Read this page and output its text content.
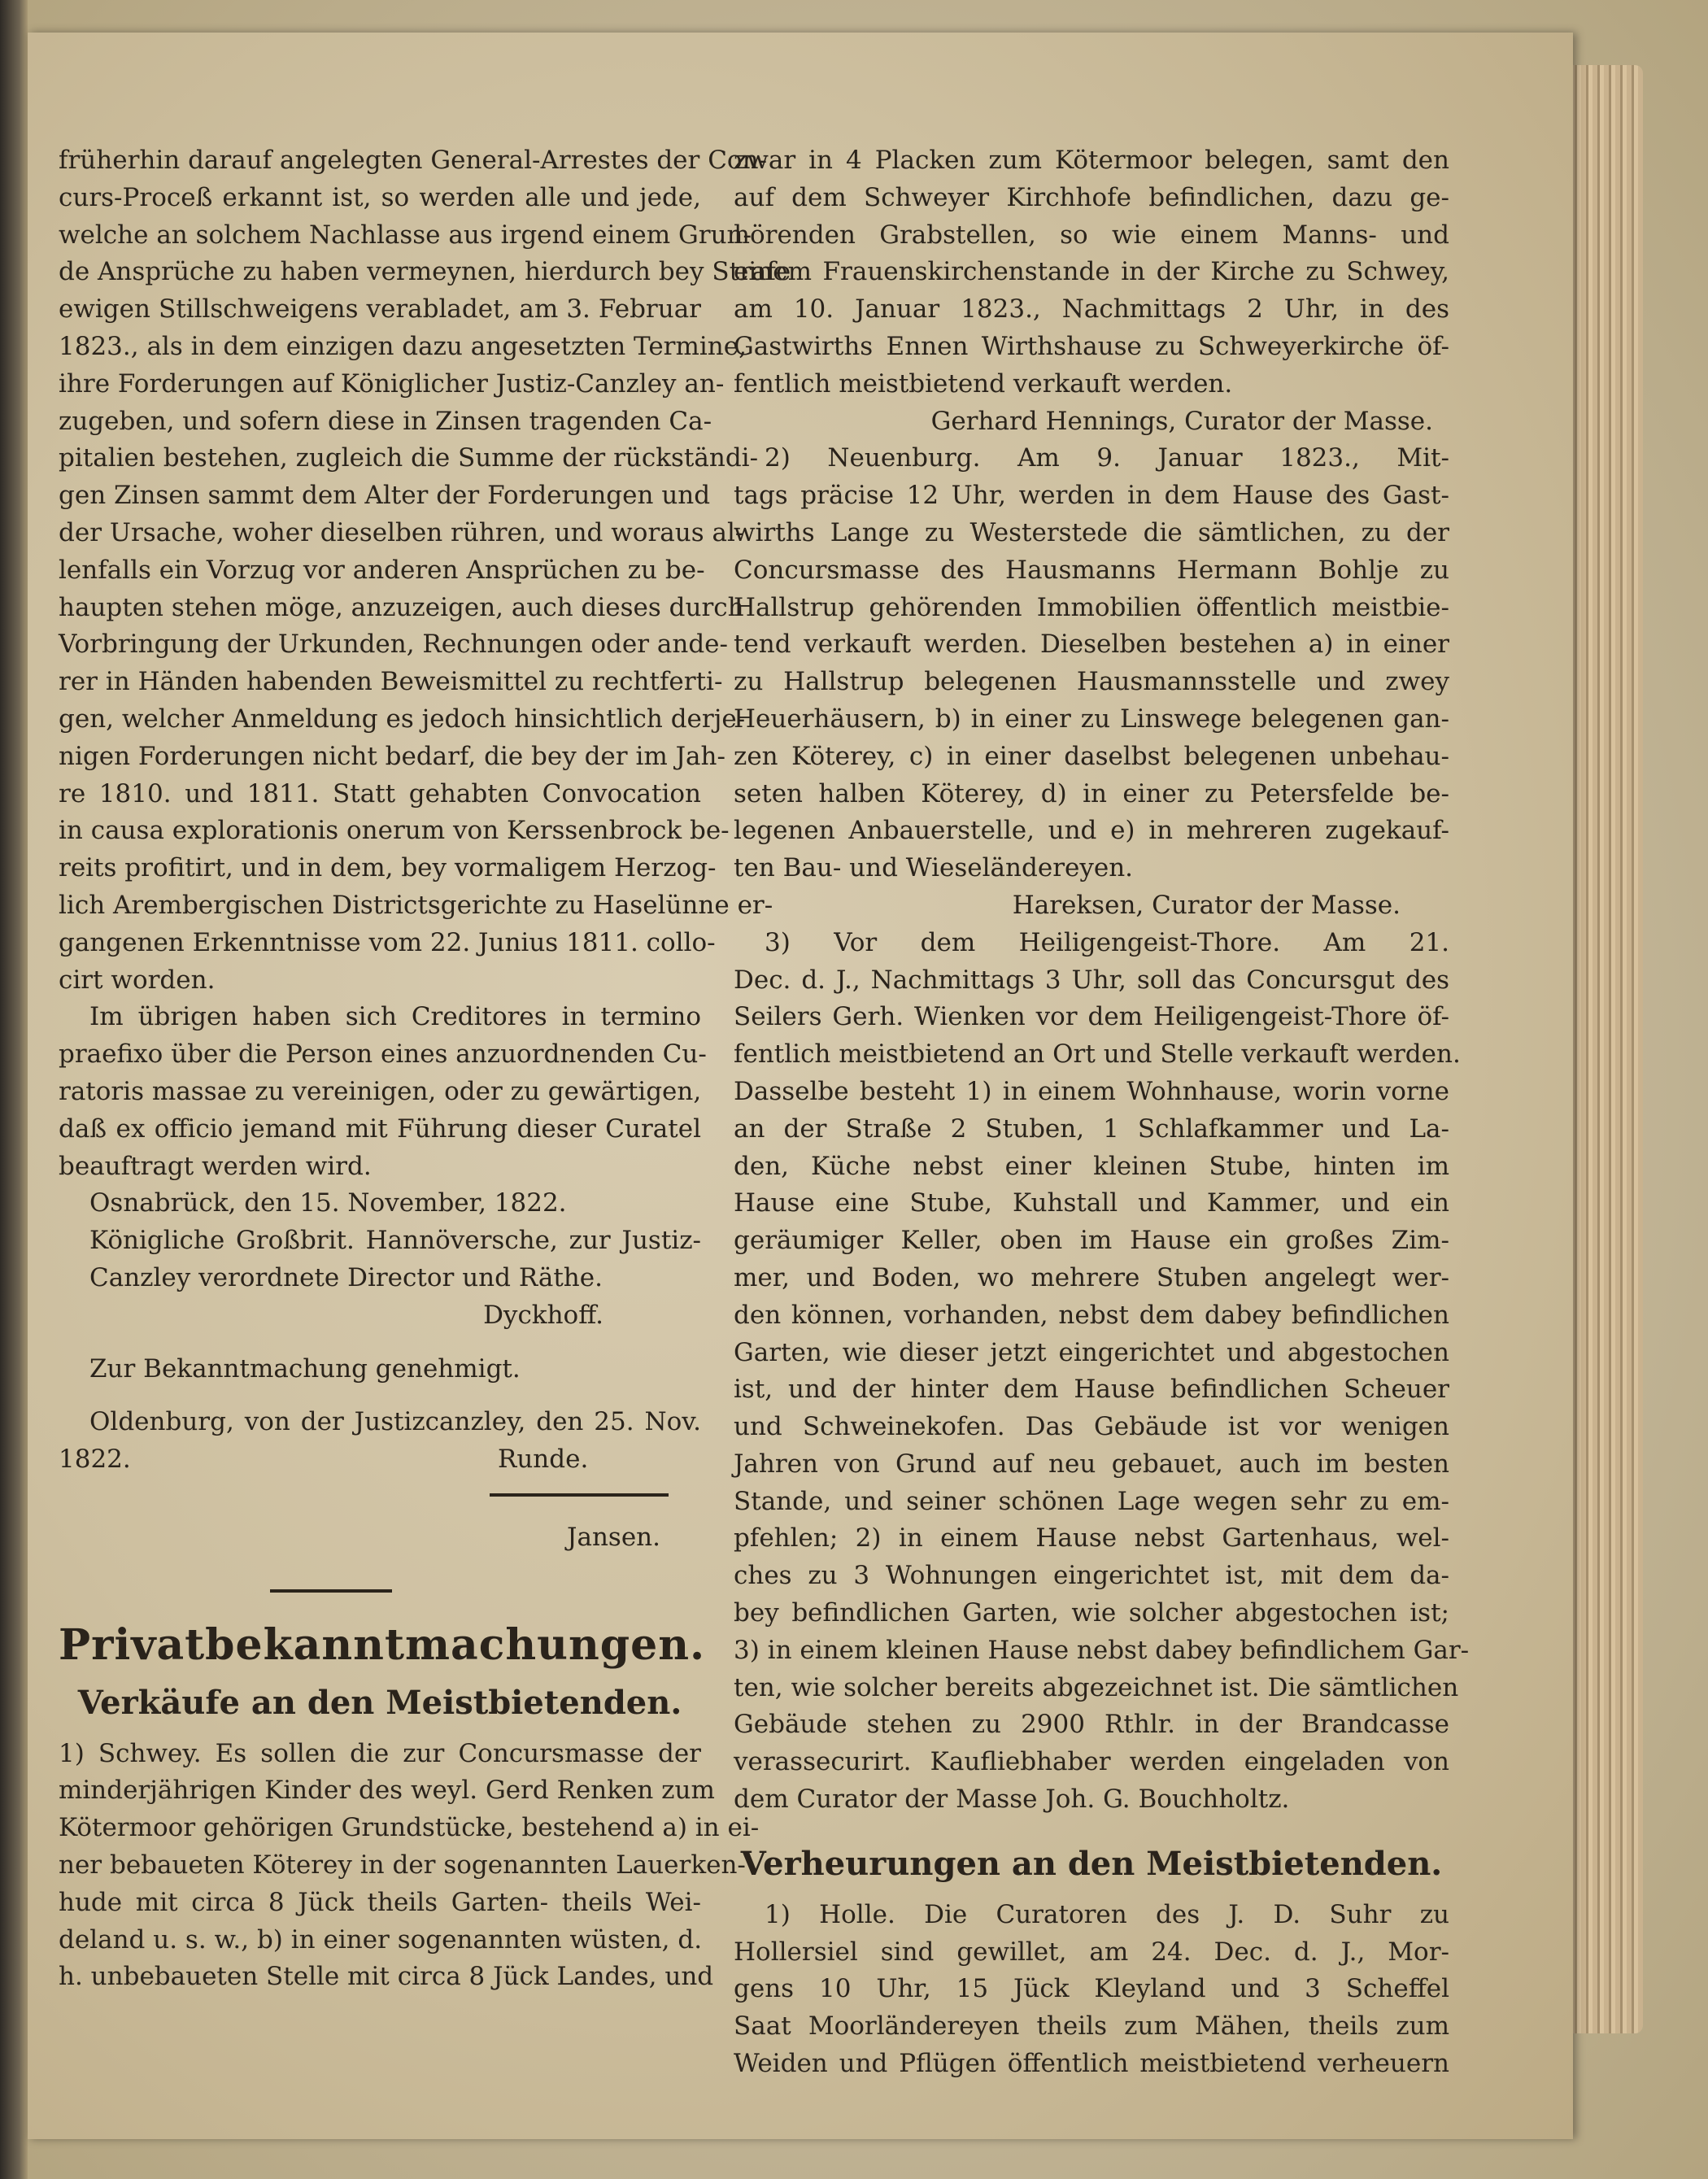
früherhin darauf angelegten General-Arrestes der Con-

curs-Proceß erkannt ist, so werden alle und jede,

welche an solchem Nachlasse aus irgend einem Grun-

de Ansprüche zu haben vermeynen, hierdurch bey Strafe

ewigen Stillschweigens verabladet, am 3. Februar

1823., als in dem einzigen dazu angesetzten Termine,

ihre Forderungen auf Königlicher Justiz-Canzley an-

zugeben, und sofern diese in Zinsen tragenden Ca-

pitalien bestehen, zugleich die Summe der rückständi-

gen Zinsen sammt dem Alter der Forderungen und

der Ursache, woher dieselben rühren, und woraus al-

lenfalls ein Vorzug vor anderen Ansprüchen zu be-

haupten stehen möge, anzuzeigen, auch dieses durch

Vorbringung der Urkunden, Rechnungen oder ande-

rer in Händen habenden Beweismittel zu rechtferti-

gen, welcher Anmeldung es jedoch hinsichtlich derje-

nigen Forderungen nicht bedarf, die bey der im Jah-

re 1810. und 1811. Statt gehabten Convocation

in causa explorationis onerum von Kerssenbrock be-

reits profitirt, und in dem, bey vormaligem Herzog-

lich Arembergischen Districtsgerichte zu Haselünne er-

gangenen Erkenntnisse vom 22. Junius 1811. collo-

cirt worden.

Im übrigen haben sich Creditores in termino

praefixo über die Person eines anzuordnenden Cu-

ratoris massae zu vereinigen, oder zu gewärtigen,

daß ex officio jemand mit Führung dieser Curatel

beauftragt werden wird.

Osnabrück, den 15. November, 1822.

Königliche Großbrit. Hannöversche, zur Justiz-

Canzley verordnete Director und Räthe.

Dyckhoff.

Zur Bekanntmachung genehmigt.

Oldenburg, von der Justizcanzley, den 25. Nov.

1822.	Runde.

Jansen.

Privatbekanntmachungen.

Verkäufe an den Meistbietenden.

1) Schwey. Es sollen die zur Concursmasse der

minderjährigen Kinder des weyl. Gerd Renken zum

Kötermoor gehörigen Grundstücke, bestehend a) in ei-

ner bebaueten Köterey in der sogenannten Lauerken-

hude mit circa 8 Jück theils Garten- theils Wei-

deland u. s. w., b) in einer sogenannten wüsten, d.

h. unbebaueten Stelle mit circa 8 Jück Landes, und

zwar in 4 Placken zum Kötermoor belegen, samt den

auf dem Schweyer Kirchhofe befindlichen, dazu ge-

hörenden Grabstellen, so wie einem Manns- und

einem Frauenskirchenstande in der Kirche zu Schwey,

am 10. Januar 1823., Nachmittags 2 Uhr, in des

Gastwirths Ennen Wirthshause zu Schweyerkirche öf-

fentlich meistbietend verkauft werden.

Gerhard Hennings, Curator der Masse.

2) Neuenburg. Am 9. Januar 1823., Mit-

tags präcise 12 Uhr, werden in dem Hause des Gast-

wirths Lange zu Westerstede die sämtlichen, zu der

Concursmasse des Hausmanns Hermann Bohlje zu

Hallstrup gehörenden Immobilien öffentlich meistbie-

tend verkauft werden. Dieselben bestehen a) in einer

zu Hallstrup belegenen Hausmannsstelle und zwey

Heuerhäusern, b) in einer zu Linswege belegenen gan-

zen Köterey, c) in einer daselbst belegenen unbehau-

seten halben Köterey, d) in einer zu Petersfelde be-

legenen Anbauerstelle, und e) in mehreren zugekauf-

ten Bau- und Wieseländereyen.

Hareksen, Curator der Masse.

3) Vor dem Heiligengeist-Thore. Am 21.

Dec. d. J., Nachmittags 3 Uhr, soll das Concursgut des

Seilers Gerh. Wienken vor dem Heiligengeist-Thore öf-

fentlich meistbietend an Ort und Stelle verkauft werden.

Dasselbe besteht 1) in einem Wohnhause, worin vorne

an der Straße 2 Stuben, 1 Schlafkammer und La-

den, Küche nebst einer kleinen Stube, hinten im

Hause eine Stube, Kuhstall und Kammer, und ein

geräumiger Keller, oben im Hause ein großes Zim-

mer, und Boden, wo mehrere Stuben angelegt wer-

den können, vorhanden, nebst dem dabey befindlichen

Garten, wie dieser jetzt eingerichtet und abgestochen

ist, und der hinter dem Hause befindlichen Scheuer

und Schweinekofen. Das Gebäude ist vor wenigen

Jahren von Grund auf neu gebauet, auch im besten

Stande, und seiner schönen Lage wegen sehr zu em-

pfehlen; 2) in einem Hause nebst Gartenhaus, wel-

ches zu 3 Wohnungen eingerichtet ist, mit dem da-

bey befindlichen Garten, wie solcher abgestochen ist;

3) in einem kleinen Hause nebst dabey befindlichem Gar-

ten, wie solcher bereits abgezeichnet ist. Die sämtlichen

Gebäude stehen zu 2900 Rthlr. in der Brandcasse

verassecurirt. Kaufliebhaber werden eingeladen von

dem Curator der Masse Joh. G. Bouchholtz.

Verheurungen an den Meistbietenden.

1) Holle. Die Curatoren des J. D. Suhr zu

Hollersiel sind gewillet, am 24. Dec. d. J., Mor-

gens 10 Uhr, 15 Jück Kleyland und 3 Scheffel

Saat Moorländereyen theils zum Mähen, theils zum

Weiden und Pflügen öffentlich meistbietend verheuern
